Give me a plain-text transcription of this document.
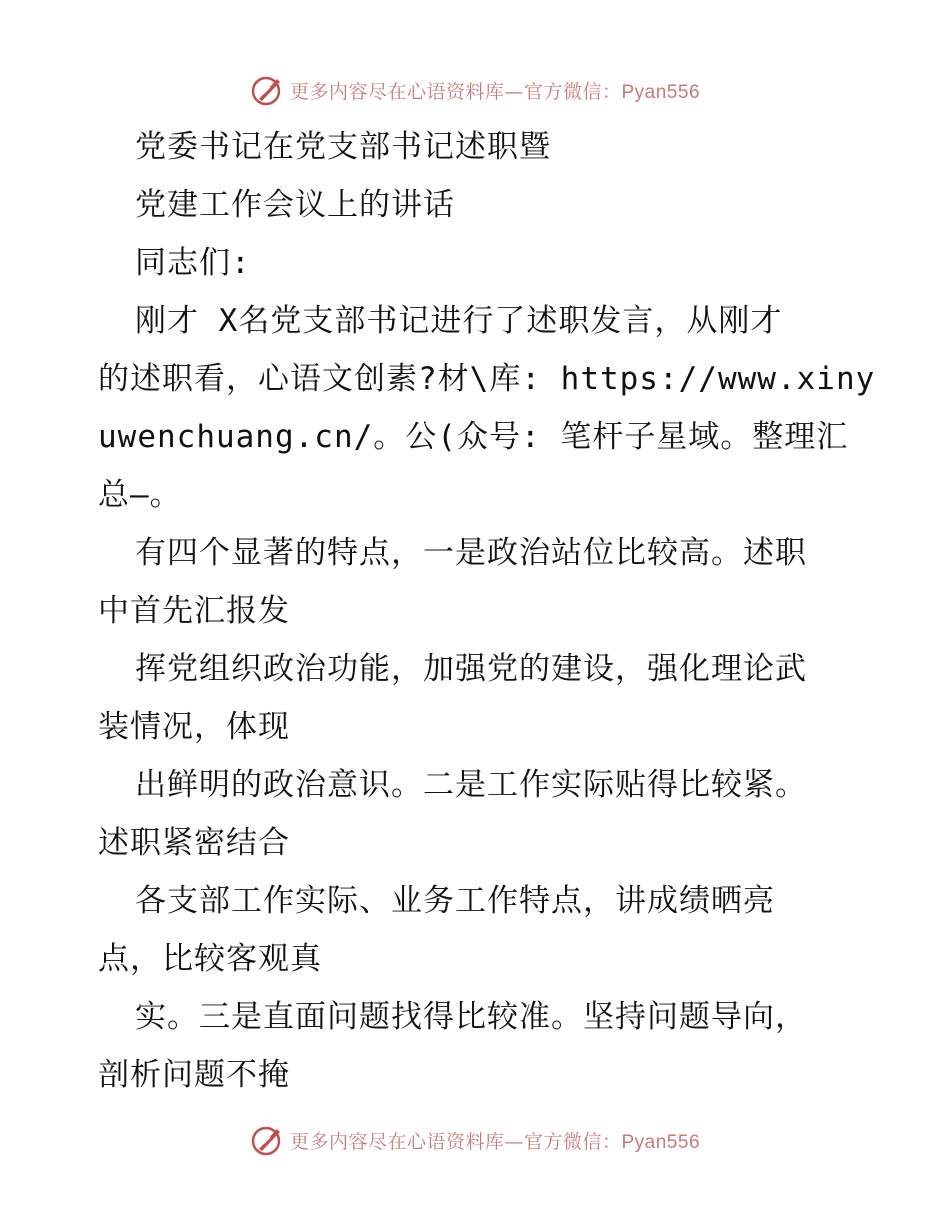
更多内容尽在心语资料库—官方微信：Pyan556
党委书记在党支部书记述职暨
党建工作会议上的讲话
同志们:
刚才 X名党支部书记进行了述职发言，从刚才
的述职看，心语文创素?材\库: https://www.xiny
uwenchuang.cn/。公(众号: 笔杆子星域。整理汇
总—。
有四个显著的特点，一是政治站位比较高。述职
中首先汇报发
挥党组织政治功能，加强党的建设，强化理论武
装情况，体现
出鲜明的政治意识。二是工作实际贴得比较紧。
述职紧密结合
各支部工作实际、业务工作特点，讲成绩晒亮
点，比较客观真
实。三是直面问题找得比较准。坚持问题导向，
剖析问题不掩
更多内容尽在心语资料库—官方微信：Pyan556
